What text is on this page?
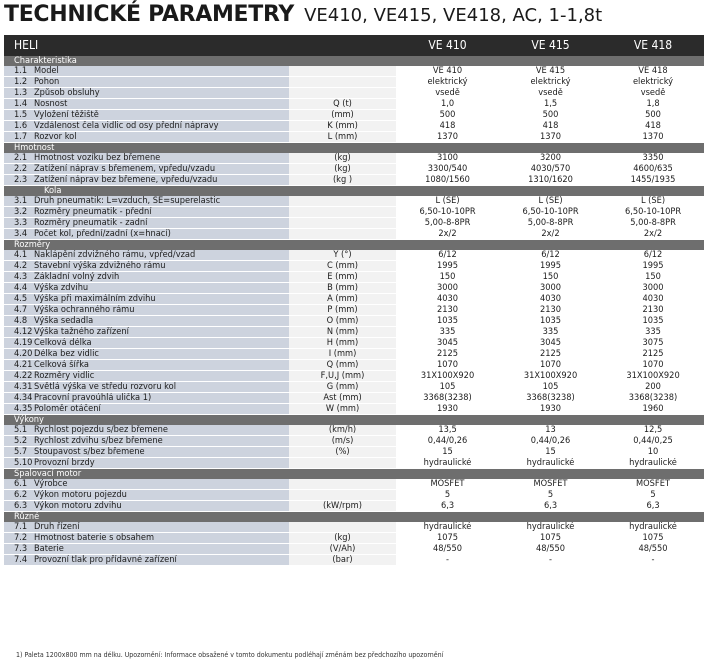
TECHNICKÉ PARAMETRY VE410, VE415, VE418, AC, 1-1,8t
HELI			VE 410	VE 415	VE 418
Charakteristika					
1.1	Model		VE 410	VE 415	VE 418
1.2	Pohon		elektrický	elektrický	elektrický
1.3	Způsob obsluhy		vsedě	vsedě	vsedě
1.4	Nosnost	Q (t)	1,0	1,5	1,8
1.5	Vyložení těžiště	(mm)	500	500	500
1.6	Vzdálenost čela vidlic od osy přední nápravy	K (mm)	418	418	418
1.7	Rozvor kol	L (mm)	1370	1370	1370
Hmotnost					
2.1	Hmotnost vozíku bez břemene	(kg)	3100	3200	3350
2.2	Zatížení náprav s břemenem, vpředu/vzadu	(kg)	3300/540	4030/570	4600/635
2.3	Zatížení náprav bez břemene, vpředu/vzadu	(kg )	1080/1560	1310/1620	1455/1935
Kola					
3.1	Druh pneumatik: L=vzduch, SE=superelastic		L (SE)	L (SE)	L (SE)
3.2	Rozměry pneumatik - přední		6,50-10-10PR	6,50-10-10PR	6,50-10-10PR
3.3	Rozměry pneumatik - zadní		5,00-8-8PR	5,00-8-8PR	5,00-8-8PR
3.4	Počet kol, přední/zadní (x=hnací)		2x/2	2x/2	2x/2
Rozměry					
4.1	Naklápění zdvižného rámu, vpřed/vzad	Y (°)	6/12	6/12	6/12
4.2	Stavební výška zdvižného rámu	C (mm)	1995	1995	1995
4.3	Základní volný zdvih	E (mm)	150	150	150
4.4	Výška zdvihu	B (mm)	3000	3000	3000
4.5	Výška při maximálním zdvihu	A (mm)	4030	4030	4030
4.7	Výška ochranného rámu	P (mm)	2130	2130	2130
4.8	Výška sedadla	O (mm)	1035	1035	1035
4.12	Výška tažného zařízení	N (mm)	335	335	335
4.19	Celková délka	H (mm)	3045	3045	3075
4.20	Délka bez vidlic	I (mm)	2125	2125	2125
4.21	Celková šířka	Q (mm)	1070	1070	1070
4.22	Rozměry vidlic	F,U,J (mm)	31X100X920	31X100X920	31X100X920
4.31	Světlá výška ve středu rozvoru kol	G (mm)	105	105	200
4.34	Pracovní pravoúhlá ulička 1)	Ast (mm)	3368(3238)	3368(3238)	3368(3238)
4.35	Poloměr otáčení	W (mm)	1930	1930	1960
Výkony					
5.1	Rychlost pojezdu s/bez břemene	(km/h)	13,5	13	12,5
5.2	Rychlost zdvihu s/bez břemene	(m/s)	0,44/0,26	0,44/0,26	0,44/0,25
5.7	Stoupavost s/bez břemene	(%)	15	15	10
5.10	Provozní brzdy		hydraulické	hydraulické	hydraulické
Spalovací motor					
6.1	Výrobce		MOSFET	MOSFET	MOSFET
6.2	Výkon motoru pojezdu		5	5	5
6.3	Výkon motoru zdvihu	(kW/rpm)	6,3	6,3	6,3
Různé					
7.1	Druh řízení		hydraulické	hydraulické	hydraulické
7.2	Hmotnost baterie s obsahem	(kg)	1075	1075	1075
7.3	Baterie	(V/Ah)	48/550	48/550	48/550
7.4	Provozní tlak pro přídavné zařízení	(bar)	-	-	-
1) Paleta 1200x800 mm na délku. Upozornění: Informace obsažené v tomto dokumentu podléhají změnám bez předchozího upozornění
